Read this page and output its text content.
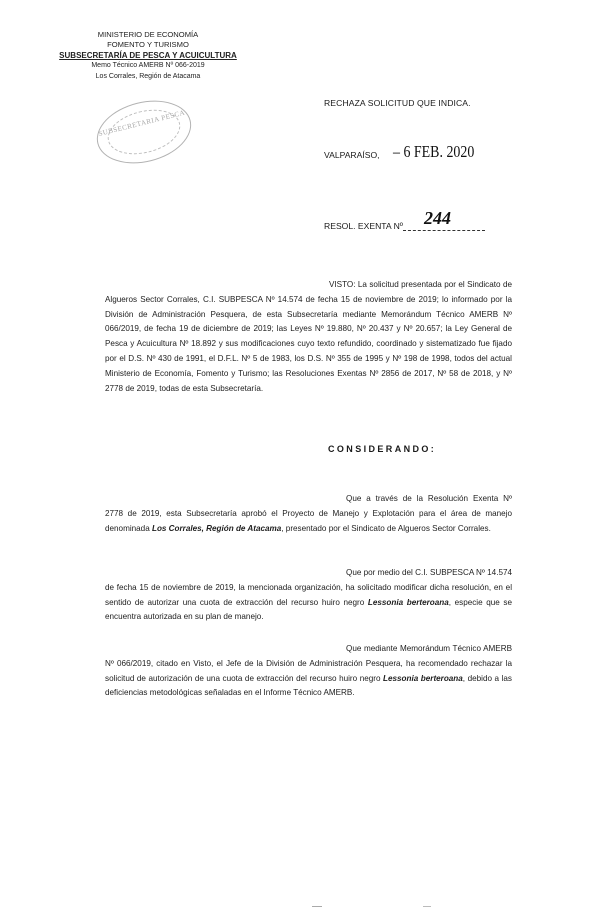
MINISTERIO DE ECONOMÍA
FOMENTO Y TURISMO
SUBSECRETARÍA DE PESCA Y ACUICULTURA
Memo Técnico AMERB Nº 066-2019
Los Corrales, Región de Atacama
SUBSECRETARIA PESCA
RECHAZA SOLICITUD QUE INDICA.
VALPARAÍSO, – 6 FEB. 2020
RESOL. EXENTA Nº 244
VISTO: La solicitud presentada por el Sindicato de Algueros Sector Corrales, C.I. SUBPESCA Nº 14.574 de fecha 15 de noviembre de 2019; lo informado por la División de Administración Pesquera, de esta Subsecretaría mediante Memorándum Técnico AMERB Nº 066/2019, de fecha 19 de diciembre de 2019; las Leyes Nº 19.880, Nº 20.437 y Nº 20.657; la Ley General de Pesca y Acuicultura Nº 18.892 y sus modificaciones cuyo texto refundido, coordinado y sistematizado fue fijado por el D.S. Nº 430 de 1991, el D.F.L. Nº 5 de 1983, los D.S. Nº 355 de 1995 y Nº 198 de 1998, todos del actual Ministerio de Economía, Fomento y Turismo; las Resoluciones Exentas Nº 2856 de 2017, Nº 58 de 2018, y Nº 2778 de 2019, todas de esta Subsecretaría.
CONSIDERANDO:
Que a través de la Resolución Exenta Nº 2778 de 2019, esta Subsecretaría aprobó el Proyecto de Manejo y Explotación para el área de manejo denominada Los Corrales, Región de Atacama, presentado por el Sindicato de Algueros Sector Corrales.
Que por medio del C.I. SUBPESCA Nº 14.574 de fecha 15 de noviembre de 2019, la mencionada organización, ha solicitado modificar dicha resolución, en el sentido de autorizar una cuota de extracción del recurso huiro negro Lessonia berteroana, especie que se encuentra autorizada en su plan de manejo.
Que mediante Memorándum Técnico AMERB Nº 066/2019, citado en Visto, el Jefe de la División de Administración Pesquera, ha recomendado rechazar la solicitud de autorización de una cuota de extracción del recurso huiro negro Lessonia berteroana, debido a las deficiencias metodológicas señaladas en el Informe Técnico AMERB.
